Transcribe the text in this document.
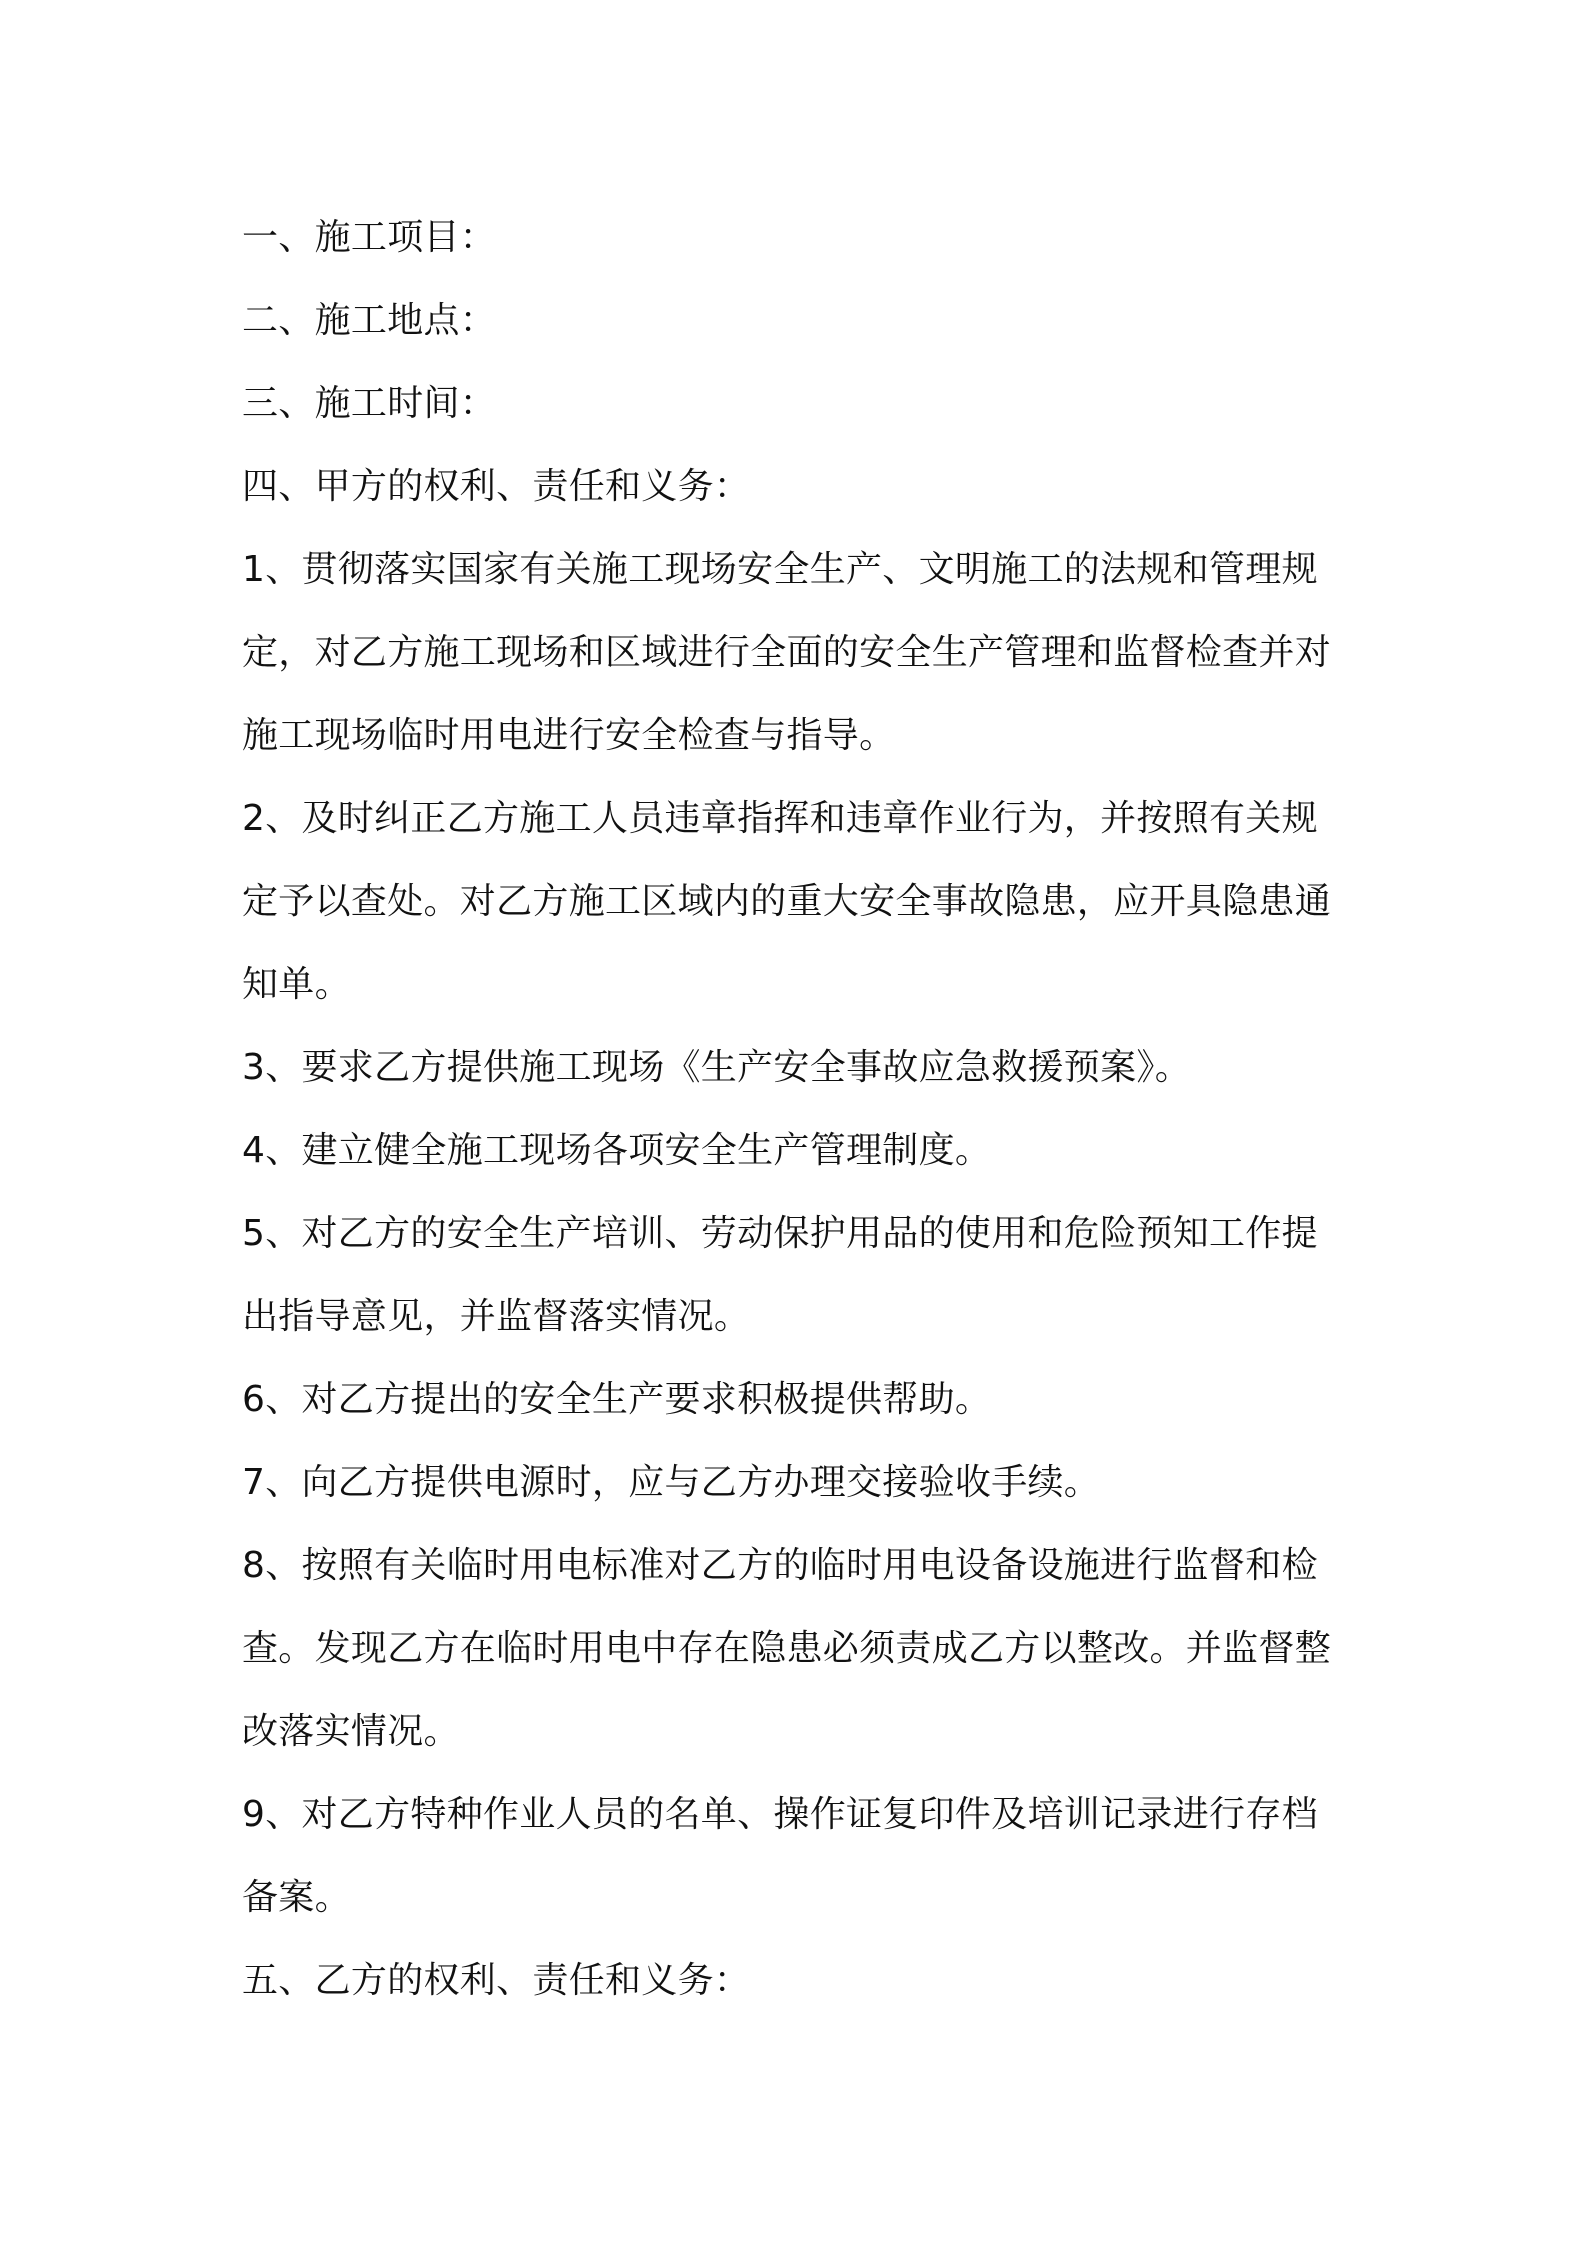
一、施工项目：
二、施工地点：
三、施工时间：
四、甲方的权利、责任和义务：
1、贯彻落实国家有关施工现场安全生产、文明施工的法规和管理规
定，对乙方施工现场和区域进行全面的安全生产管理和监督检查并对
施工现场临时用电进行安全检查与指导。
2、及时纠正乙方施工人员违章指挥和违章作业行为，并按照有关规
定予以查处。对乙方施工区域内的重大安全事故隐患，应开具隐患通
知单。
3、要求乙方提供施工现场《生产安全事故应急救援预案》。
4、建立健全施工现场各项安全生产管理制度。
5、对乙方的安全生产培训、劳动保护用品的使用和危险预知工作提
出指导意见，并监督落实情况。
6、对乙方提出的安全生产要求积极提供帮助。
7、向乙方提供电源时，应与乙方办理交接验收手续。
8、按照有关临时用电标准对乙方的临时用电设备设施进行监督和检
查。发现乙方在临时用电中存在隐患必须责成乙方以整改。并监督整
改落实情况。
9、对乙方特种作业人员的名单、操作证复印件及培训记录进行存档
备案。
五、乙方的权利、责任和义务：
